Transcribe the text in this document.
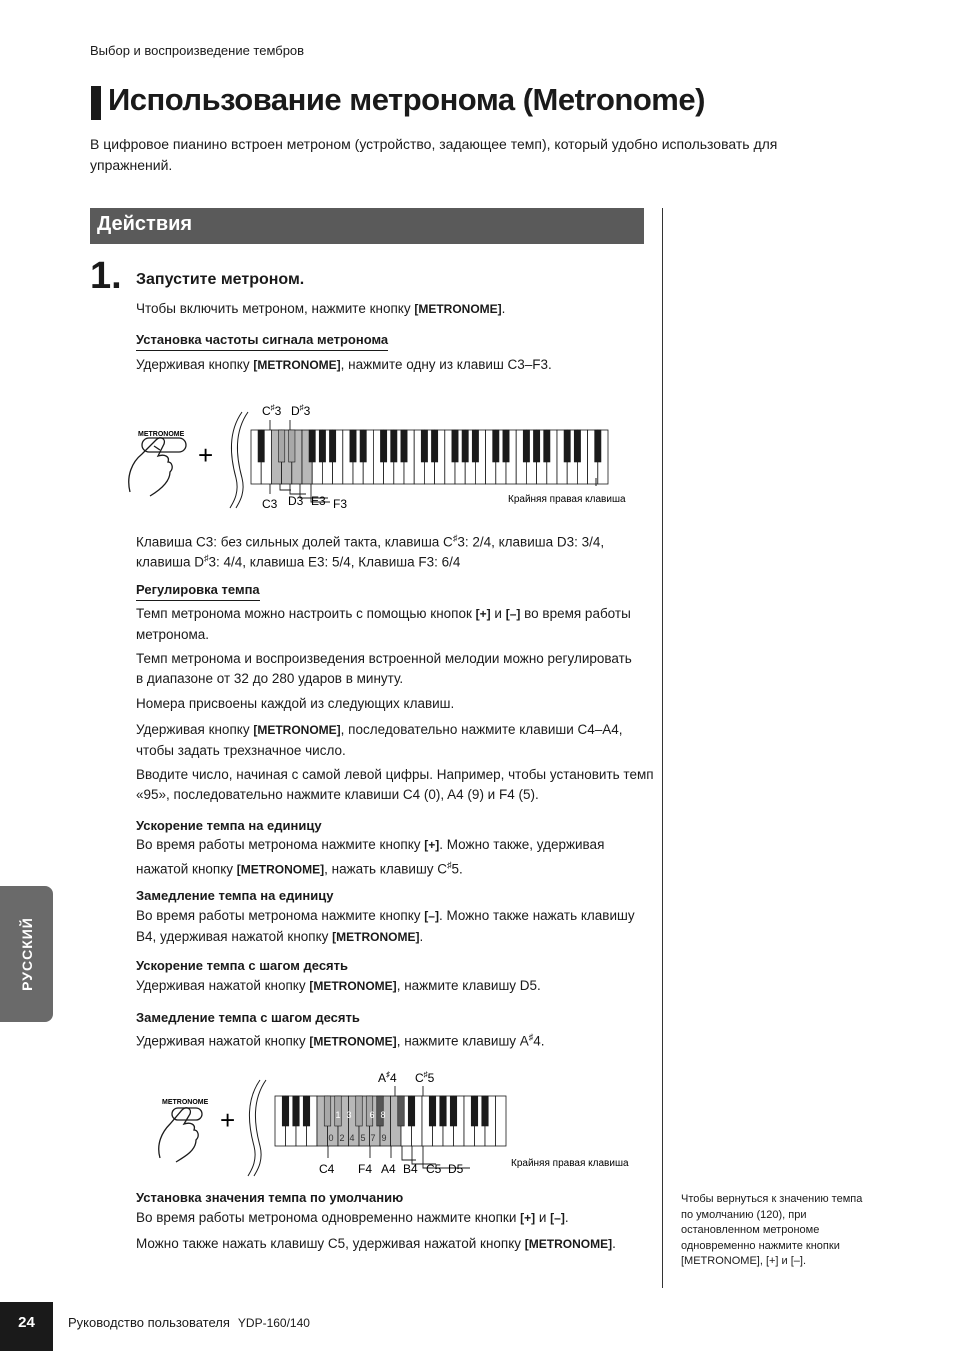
Выбор и воспроизведение тембров
Использование метронома (Metronome)
В цифровое пианино встроен метроном (устройство, задающее темп), который удобно использовать для упражнений.
Действия
1. Запустите метроном.
Чтобы включить метроном, нажмите кнопку [METRONOME].
Установка частоты сигнала метронома
Удерживая кнопку [METRONOME], нажмите одну из клавиш C3–F3.
METRONOME
+
C♯3 D♯3
C3 D3 E3 F3	Крайняя правая клавиша
Клавиша C3: без сильных долей такта, клавиша C♯3: 2/4, клавиша D3: 3/4,
клавиша D♯3: 4/4, клавиша E3: 5/4, Клавиша F3: 6/4
Регулировка темпа
Темп метронома можно настроить с помощью кнопок [+] и [–] во время работы
метронома.
Темп метронома и воспроизведения встроенной мелодии можно регулировать
в диапазоне от 32 до 280 ударов в минуту.
Номера присвоены каждой из следующих клавиш.
Удерживая кнопку [METRONOME], последовательно нажмите клавиши C4–A4,
чтобы задать трехзначное число.
Вводите число, начиная с самой левой цифры. Например, чтобы установить темп
«95», последовательно нажмите клавиши C4 (0), A4 (9) и F4 (5).
Ускорение темпа на единицу
Во время работы метронома нажмите кнопку [+]. Можно также, удерживая
нажатой кнопку [METRONOME], нажать клавишу C♯5.
Замедление темпа на единицу
Во время работы метронома нажмите кнопку [–]. Можно также нажать клавишу
B4, удерживая нажатой кнопку [METRONOME].
Ускорение темпа с шагом десять
Удерживая нажатой кнопку [METRONOME], нажмите клавишу D5.
Замедление темпа с шагом десять
Удерживая нажатой кнопку [METRONOME], нажмите клавишу A♯4.
METRONOME
+	1 3 6 8
0 2 4 5 7 9
A♯4 C♯5
C4 F4 A4 B4 C5 D5	Крайняя правая клавиша
Установка значения темпа по умолчанию
Во время работы метронома одновременно нажмите кнопки [+] и [–].
Можно также нажать клавишу C5, удерживая нажатой кнопку [METRONOME].
Чтобы вернуться к значению темпа
по умолчанию (120), при
остановленном метрономе
одновременно нажмите кнопки
[METRONOME], [+] и [–].
РУССКИЙ
24	Руководство пользователя YDP-160/140
